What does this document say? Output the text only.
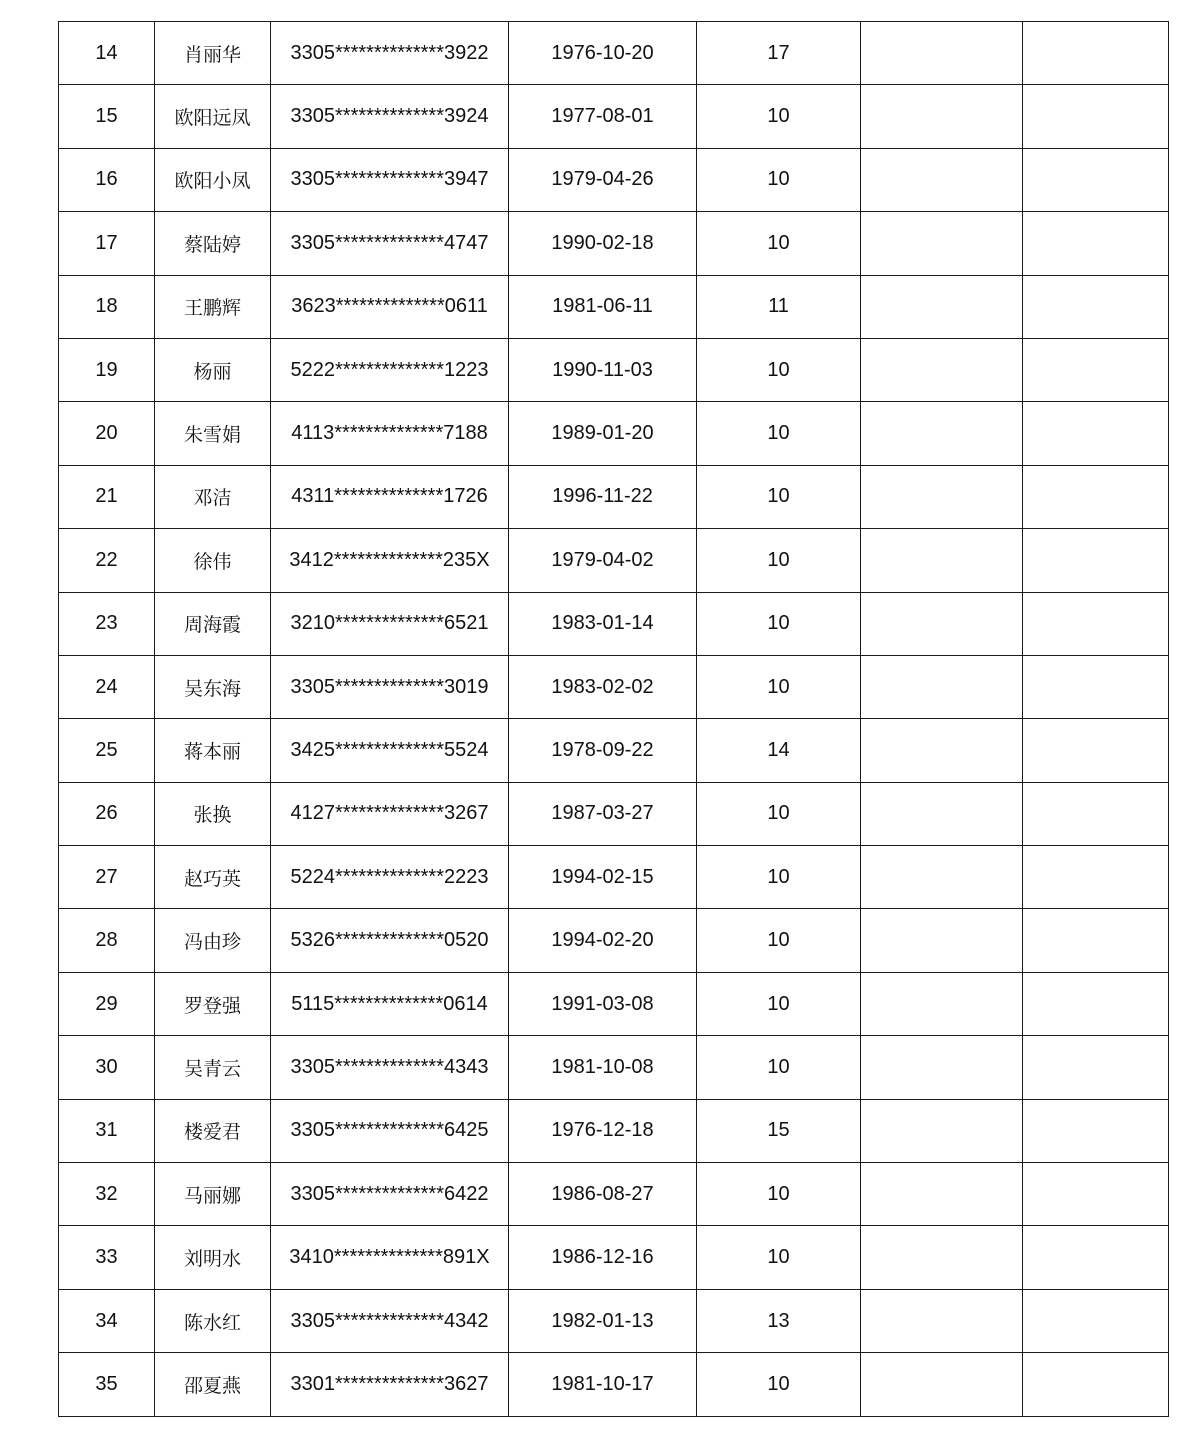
14	肖丽华	3305**************3922	1976-10-20	17		
15	欧阳远凤	3305**************3924	1977-08-01	10		
16	欧阳小凤	3305**************3947	1979-04-26	10		
17	蔡陆婷	3305**************4747	1990-02-18	10		
18	王鹏辉	3623**************0611	1981-06-11	11		
19	杨丽	5222**************1223	1990-11-03	10		
20	朱雪娟	4113**************7188	1989-01-20	10		
21	邓洁	4311**************1726	1996-11-22	10		
22	徐伟	3412**************235X	1979-04-02	10		
23	周海霞	3210**************6521	1983-01-14	10		
24	吴东海	3305**************3019	1983-02-02	10		
25	蒋本丽	3425**************5524	1978-09-22	14		
26	张换	4127**************3267	1987-03-27	10		
27	赵巧英	5224**************2223	1994-02-15	10		
28	冯由珍	5326**************0520	1994-02-20	10		
29	罗登强	5115**************0614	1991-03-08	10		
30	吴青云	3305**************4343	1981-10-08	10		
31	楼爱君	3305**************6425	1976-12-18	15		
32	马丽娜	3305**************6422	1986-08-27	10		
33	刘明水	3410**************891X	1986-12-16	10		
34	陈水红	3305**************4342	1982-01-13	13		
35	邵夏燕	3301**************3627	1981-10-17	10		
